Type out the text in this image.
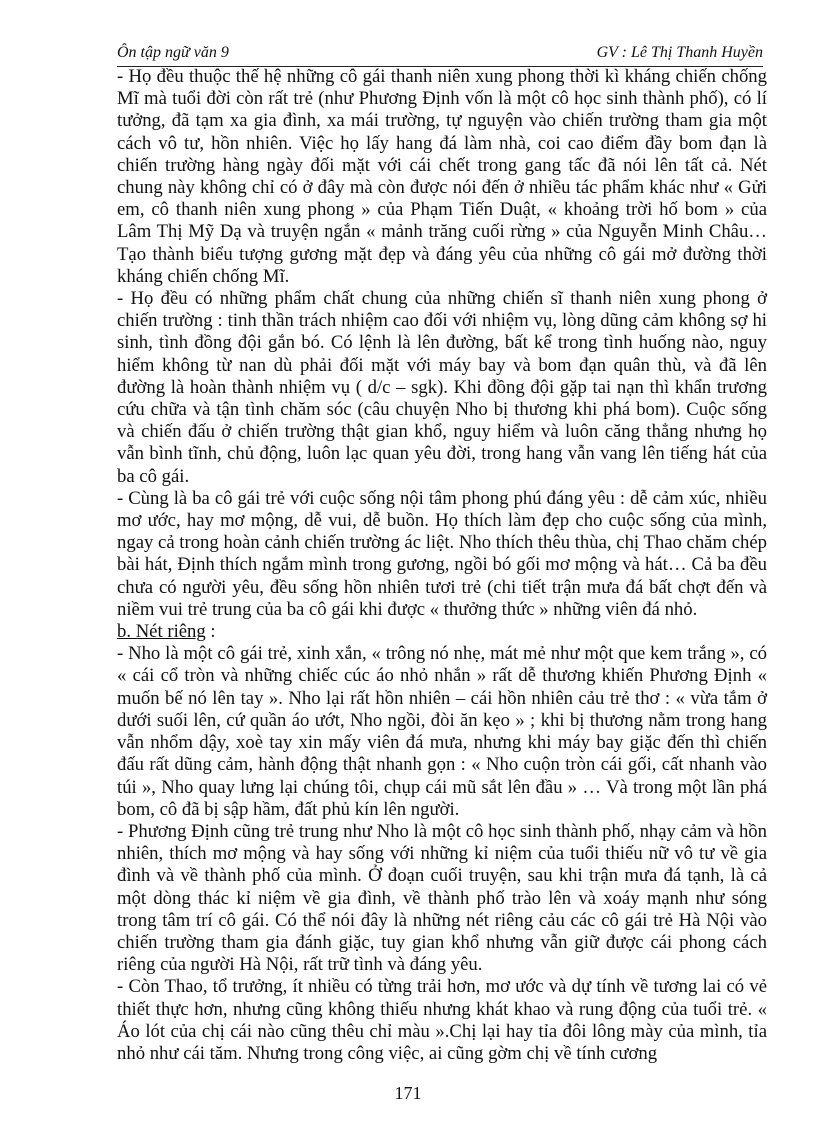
Ôn tập ngữ văn 9	GV : Lê Thị Thanh Huyền

- Họ đều thuộc thế hệ những cô gái thanh niên xung phong thời kì kháng chiến chống Mĩ mà tuổi đời còn rất trẻ (như Phương Định vốn là một cô học sinh thành phố), có lí tưởng, đã tạm xa gia đình, xa mái trường, tự nguyện vào chiến trường tham gia một cách vô tư, hồn nhiên. Việc họ lấy hang đá làm nhà, coi cao điểm đầy bom đạn là chiến trường hàng ngày đối mặt với cái chết trong gang tấc đã nói lên tất cả. Nét chung này không chỉ có ở đây mà còn được nói đến ở nhiều tác phẩm khác như « Gửi em, cô thanh niên xung phong » của Phạm Tiến Duật, « khoảng trời hố bom » của Lâm Thị Mỹ Dạ và truyện ngắn « mảnh trăng cuối rừng » của Nguyễn Minh Châu… Tạo thành biểu tượng gương mặt đẹp và đáng yêu của những cô gái mở đường thời kháng chiến chống Mĩ.

- Họ đều có những phẩm chất chung của những chiến sĩ thanh niên xung phong ở chiến trường : tinh thần trách nhiệm cao đối với nhiệm vụ, lòng dũng cảm không sợ hi sinh, tình đồng đội gắn bó. Có lệnh là lên đường, bất kể trong tình huống nào, nguy hiểm không từ nan dù phải đối mặt với máy bay và bom đạn quân thù, và đã lên đường là hoàn thành nhiệm vụ ( d/c – sgk). Khi đồng đội gặp tai nạn thì khẩn trương cứu chữa và tận tình chăm sóc (câu chuyện Nho bị thương khi phá bom). Cuộc sống và chiến đấu ở chiến trường thật gian khổ, nguy hiểm và luôn căng thẳng nhưng họ vẫn bình tĩnh, chủ động, luôn lạc quan yêu đời, trong hang vẫn vang lên tiếng hát của ba cô gái.

- Cùng là ba cô gái trẻ với cuộc sống nội tâm phong phú đáng yêu : dễ cảm xúc, nhiều mơ ước, hay mơ mộng, dễ vui, dễ buồn. Họ thích làm đẹp cho cuộc sống của mình, ngay cả trong hoàn cảnh chiến trường ác liệt. Nho thích thêu thùa, chị Thao chăm chép bài hát, Định thích ngắm mình trong gương, ngồi bó gối mơ mộng và hát… Cả ba đều chưa có người yêu, đều sống hồn nhiên tươi trẻ (chi tiết trận mưa đá bất chợt đến và niềm vui trẻ trung của ba cô gái khi được « thưởng thức » những viên đá nhỏ.

b. Nét riêng :

- Nho là một cô gái trẻ, xinh xắn, « trông nó nhẹ, mát mẻ như một que kem trắng », có « cái cổ tròn và những chiếc cúc áo nhỏ nhắn » rất dễ thương khiến Phương Định « muốn bế nó lên tay ». Nho lại rất hồn nhiên – cái hồn nhiên cảu trẻ thơ : « vừa tắm ở dưới suối lên, cứ quần áo ướt, Nho ngồi, đòi ăn kẹo » ; khi bị thương nằm trong hang vẫn nhổm dậy, xoè tay xin mấy viên đá mưa, nhưng khi máy bay giặc đến thì chiến đấu rất dũng cảm, hành động thật nhanh gọn : « Nho cuộn tròn cái gối, cất nhanh vào túi », Nho quay lưng lại chúng tôi, chụp cái mũ sắt lên đầu » … Và trong một lần phá bom, cô đã bị sập hầm, đất phủ kín lên người.

- Phương Định cũng trẻ trung như Nho là một cô học sinh thành phố, nhạy cảm và hồn nhiên, thích mơ mộng và hay sống với những kỉ niệm của tuổi thiếu nữ vô tư về gia đình và về thành phố của mình. Ở đoạn cuối truyện, sau khi trận mưa đá tạnh, là cả một dòng thác kỉ niệm về gia đình, về thành phố trào lên và xoáy mạnh như sóng trong tâm trí cô gái. Có thể nói đây là những nét riêng cảu các cô gái trẻ Hà Nội vào chiến trường tham gia đánh giặc, tuy gian khổ nhưng vẫn giữ được cái phong cách riêng của người Hà Nội, rất trữ tình và đáng yêu.

- Còn Thao, tổ trưởng, ít nhiều có từng trải hơn, mơ ước và dự tính về tương lai có vẻ thiết thực hơn, nhưng cũng không thiếu nhưng khát khao và rung động của tuổi trẻ. « Áo lót của chị cái nào cũng thêu chỉ màu ».Chị lại hay tỉa đôi lông mày của mình, tỉa nhỏ như cái tăm. Nhưng trong công việc, ai cũng gờm chị về tính cương

171
